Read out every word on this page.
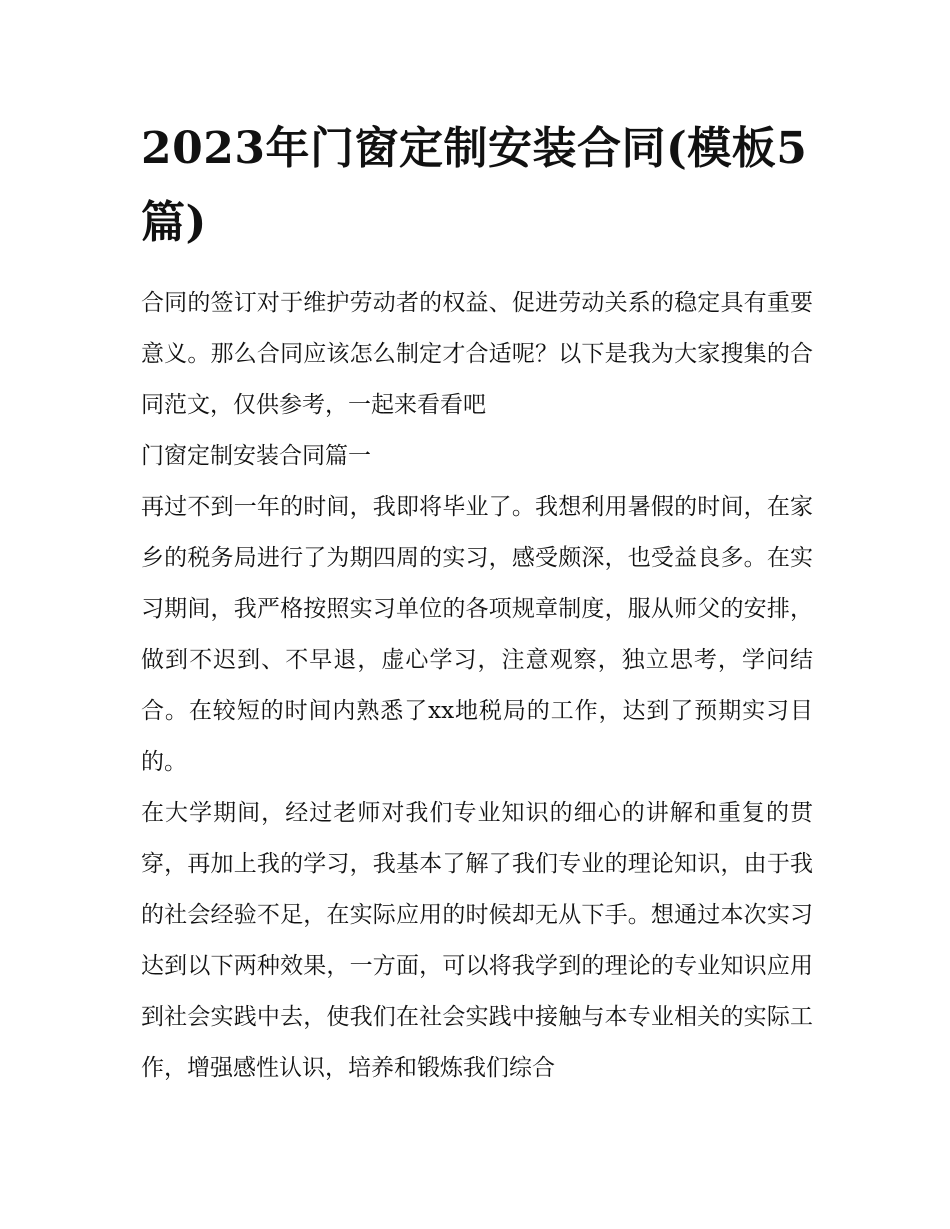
2023年门窗定制安装合同(模板5篇)

合同的签订对于维护劳动者的权益、促进劳动关系的稳定具有重要意义。那么合同应该怎么制定才合适呢？以下是我为大家搜集的合同范文，仅供参考，一起来看看吧

门窗定制安装合同篇一

再过不到一年的时间，我即将毕业了。我想利用暑假的时间，在家乡的税务局进行了为期四周的实习，感受颇深，也受益良多。在实习期间，我严格按照实习单位的各项规章制度，服从师父的安排，做到不迟到、不早退，虚心学习，注意观察，独立思考，学问结合。在较短的时间内熟悉了xx地税局的工作，达到了预期实习目的。

在大学期间，经过老师对我们专业知识的细心的讲解和重复的贯穿，再加上我的学习，我基本了解了我们专业的理论知识，由于我的社会经验不足，在实际应用的时候却无从下手。想通过本次实习达到以下两种效果，一方面，可以将我学到的理论的专业知识应用到社会实践中去，使我们在社会实践中接触与本专业相关的实际工作，增强感性认识，培养和锻炼我们综合
